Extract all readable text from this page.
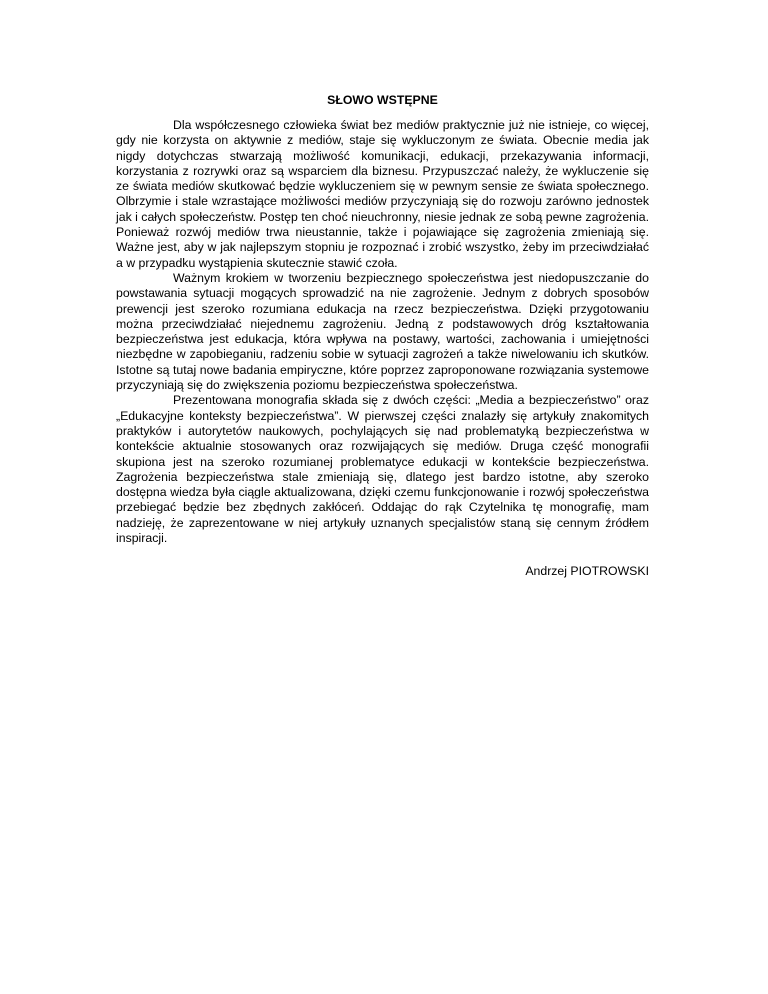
SŁOWO WSTĘPNE

Dla współczesnego człowieka świat bez mediów praktycznie już nie istnieje, co więcej, gdy nie korzysta on aktywnie z mediów, staje się wykluczonym ze świata. Obecnie media jak nigdy dotychczas stwarzają możliwość komunikacji, edukacji, przekazywania informacji, korzystania z rozrywki oraz są wsparciem dla biznesu. Przypuszczać należy, że wykluczenie się ze świata mediów skutkować będzie wykluczeniem się w pewnym sensie ze świata społecznego. Olbrzymie i stale wzrastające możliwości mediów przyczyniają się do rozwoju zarówno jednostek jak i całych społeczeństw. Postęp ten choć nieuchronny, niesie jednak ze sobą pewne zagrożenia. Ponieważ rozwój mediów trwa nieustannie, także i pojawiające się zagrożenia zmieniają się. Ważne jest, aby w jak najlepszym stopniu je rozpoznać i zrobić wszystko, żeby im przeciwdziałać a w przypadku wystąpienia skutecznie stawić czoła.

Ważnym krokiem w tworzeniu bezpiecznego społeczeństwa jest niedopuszczanie do powstawania sytuacji mogących sprowadzić na nie zagrożenie. Jednym z dobrych sposobów prewencji jest szeroko rozumiana edukacja na rzecz bezpieczeństwa. Dzięki przygotowaniu można przeciwdziałać niejednemu zagrożeniu. Jedną z podstawowych dróg kształtowania bezpieczeństwa jest edukacja, która wpływa na postawy, wartości, zachowania i umiejętności niezbędne w zapobieganiu, radzeniu sobie w sytuacji zagrożeń a także niwelowaniu ich skutków. Istotne są tutaj nowe badania empiryczne, które poprzez zaproponowane rozwiązania systemowe przyczyniają się do zwiększenia poziomu bezpieczeństwa społeczeństwa.

Prezentowana monografia składa się z dwóch części: „Media a bezpieczeństwo” oraz „Edukacyjne konteksty bezpieczeństwa”. W pierwszej części znalazły się artykuły znakomitych praktyków i autorytetów naukowych, pochylających się nad problematyką bezpieczeństwa w kontekście aktualnie stosowanych oraz rozwijających się mediów. Druga część monografii skupiona jest na szeroko rozumianej problematyce edukacji w kontekście bezpieczeństwa. Zagrożenia bezpieczeństwa stale zmieniają się, dlatego jest bardzo istotne, aby szeroko dostępna wiedza była ciągle aktualizowana, dzięki czemu funkcjonowanie i rozwój społeczeństwa przebiegać będzie bez zbędnych zakłóceń. Oddając do rąk Czytelnika tę monografię, mam nadzieję, że zaprezentowane w niej artykuły uznanych specjalistów staną się cennym źródłem inspiracji.

Andrzej PIOTROWSKI
